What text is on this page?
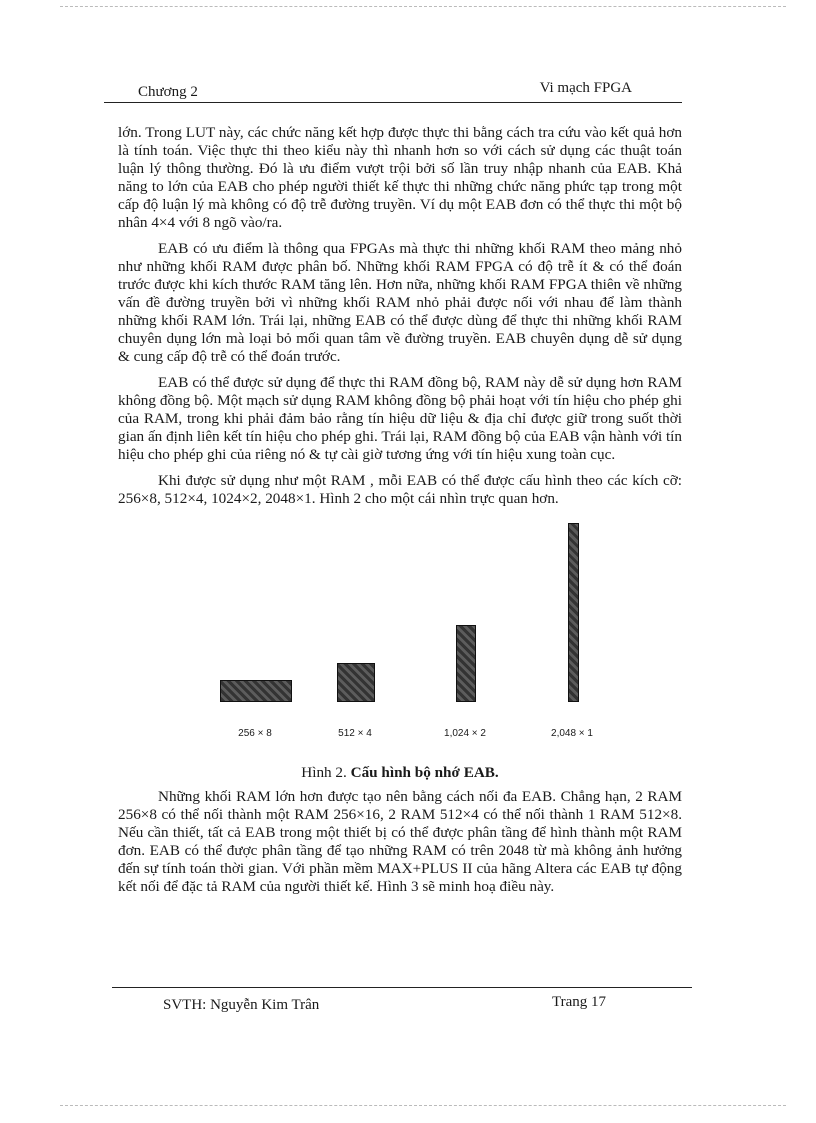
Chương 2	Vi mạch FPGA

lớn. Trong LUT này, các chức năng kết hợp được thực thi bằng cách tra cứu vào kết quả hơn là tính toán. Việc thực thi theo kiểu này thì nhanh hơn so với cách sử dụng các thuật toán luận lý thông thường. Đó là ưu điểm vượt trội bởi số lần truy nhập nhanh của EAB. Khả năng to lớn của EAB cho phép người thiết kế thực thi những chức năng phức tạp trong một cấp độ luận lý mà không có độ trễ đường truyền. Ví dụ một EAB đơn có thể thực thi một bộ nhân 4×4 với 8 ngõ vào/ra.

EAB có ưu điểm là thông qua FPGAs mà thực thi những khối RAM theo mảng nhỏ như những khối RAM được phân bố. Những khối RAM FPGA có độ trễ ít & có thể đoán trước được khi kích thước RAM tăng lên. Hơn nữa, những khối RAM FPGA thiên về những vấn đề đường truyền bởi vì những khối RAM nhỏ phải được nối với nhau để làm thành những khối RAM lớn. Trái lại, những EAB có thể được dùng để thực thi những khối RAM chuyên dụng lớn mà loại bỏ mối quan tâm về đường truyền. EAB chuyên dụng dễ sử dụng & cung cấp độ trễ có thể đoán trước.

EAB có thể được sử dụng để thực thi RAM đồng bộ, RAM này dễ sử dụng hơn RAM không đồng bộ. Một mạch sử dụng RAM không đồng bộ phải hoạt với tín hiệu cho phép ghi của RAM, trong khi phải đảm bảo rằng tín hiệu dữ liệu & địa chỉ được giữ trong suốt thời gian ấn định liên kết tín hiệu cho phép ghi. Trái lại, RAM đồng bộ của EAB vận hành với tín hiệu cho phép ghi của riêng nó & tự cài giờ tương ứng với tín hiệu xung toàn cục.

Khi được sử dụng như một RAM , mỗi EAB có thể được cấu hình theo các kích cỡ: 256×8, 512×4, 1024×2, 2048×1. Hình 2 cho một cái nhìn trực quan hơn.

256 × 8	512 × 4	1,024 × 2	2,048 × 1
Hình 2. Cấu hình bộ nhớ EAB.

Những khối RAM lớn hơn được tạo nên bằng cách nối đa EAB. Chẳng hạn, 2 RAM 256×8 có thể nối thành một RAM 256×16, 2 RAM 512×4 có thể nối thành 1 RAM 512×8. Nếu cần thiết, tất cả EAB trong một thiết bị có thể được phân tầng để hình thành một RAM đơn. EAB có thể được phân tầng để tạo những RAM có trên 2048 từ mà không ảnh hưởng đến sự tính toán thời gian. Với phần mềm MAX+PLUS II của hãng Altera các EAB tự động kết nối để đặc tả RAM của người thiết kế. Hình 3 sẽ minh hoạ điều này.

SVTH: Nguyễn Kim Trân	Trang 17
